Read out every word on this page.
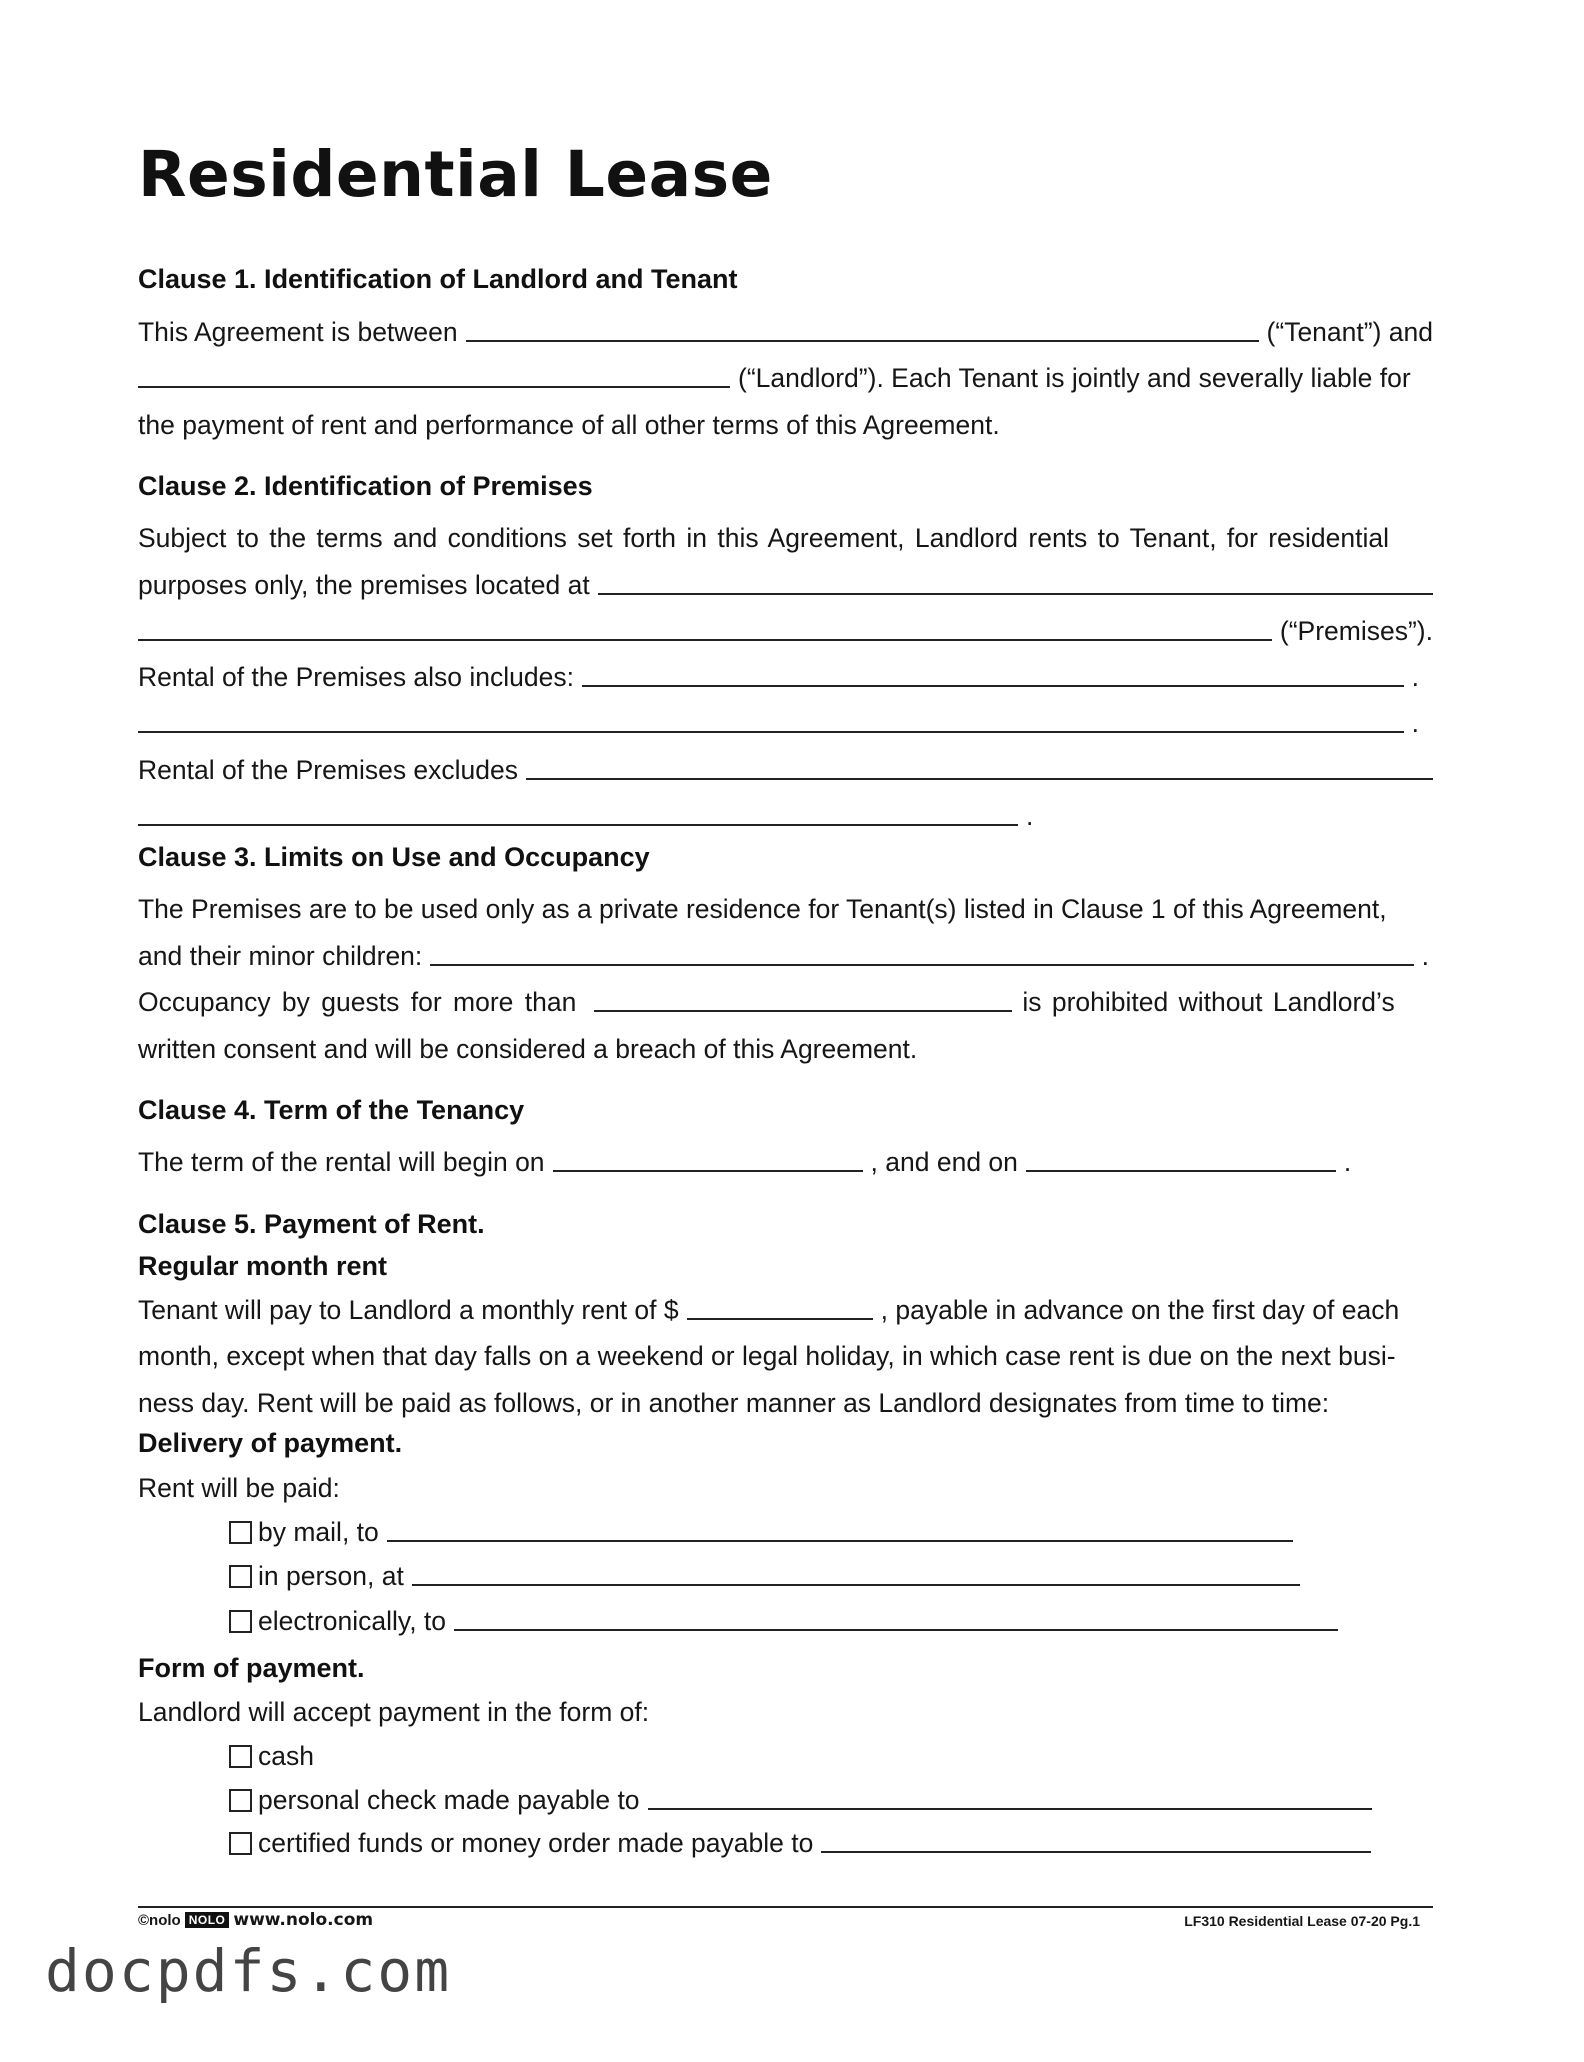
Residential Lease
Clause 1. Identification of Landlord and Tenant
This Agreement is between	(“Tenant”) and
(“Landlord”). Each Tenant is jointly and severally liable for
the payment of rent and performance of all other terms of this Agreement.
Clause 2. Identification of Premises
Subject to the terms and conditions set forth in this Agreement, Landlord rents to Tenant, for residential
purposes only, the premises located at
(“Premises”).
Rental of the Premises also includes:	.
.
Rental of the Premises excludes
.
Clause 3. Limits on Use and Occupancy
The Premises are to be used only as a private residence for Tenant(s) listed in Clause 1 of this Agreement,
and their minor children:	.
Occupancy by guests for more than	is prohibited without Landlord’s
written consent and will be considered a breach of this Agreement.
Clause 4. Term of the Tenancy
The term of the rental will begin on	, and end on	.
Clause 5. Payment of Rent.
Regular month rent
Tenant will pay to Landlord a monthly rent of $	, payable in advance on the first day of each
month, except when that day falls on a weekend or legal holiday, in which case rent is due on the next busi-
ness day. Rent will be paid as follows, or in another manner as Landlord designates from time to time:
Delivery of payment.
Rent will be paid:
by mail, to
in person, at
electronically, to
Form of payment.
Landlord will accept payment in the form of:
cash
personal check made payable to
certified funds or money order made payable to
©nolo NOLO www.nolo.com	LF310 Residential Lease 07-20 Pg.1
docpdfs.com
